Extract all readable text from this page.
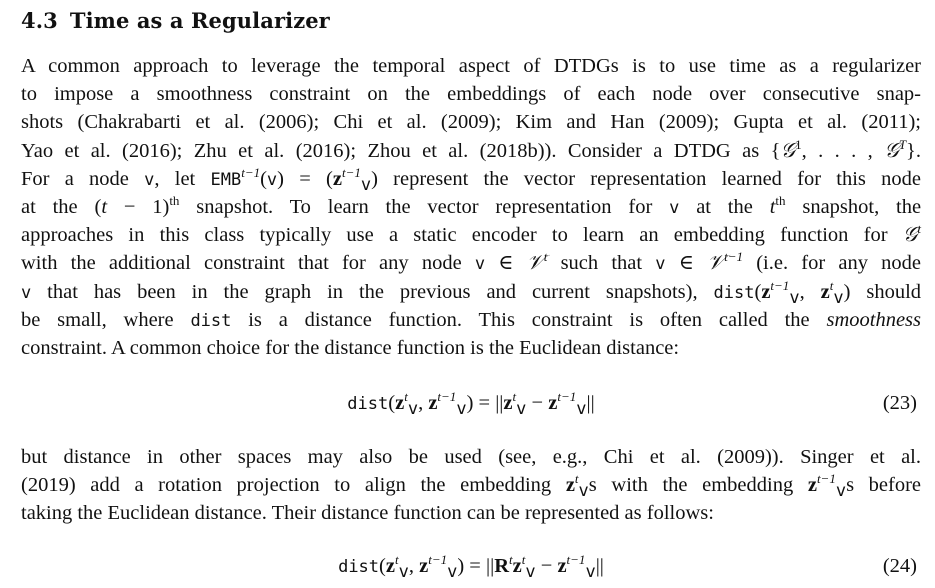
4.3 Time as a Regularizer
A common approach to leverage the temporal aspect of DTDGs is to use time as a regularizer
to impose a smoothness constraint on the embeddings of each node over consecutive snap-
shots (Chakrabarti et al. (2006); Chi et al. (2009); Kim and Han (2009); Gupta et al. (2011);
Yao et al. (2016); Zhu et al. (2016); Zhou et al. (2018b)). Consider a DTDG as {𝒢$^1$, . . . , 𝒢$^T$}.
For a node v, let $EMB^{t-1}(v) = (z^{t-1}_v)$ represent the vector representation learned for this node
at the $(t - 1)^{th}$ snapshot. To learn the vector representation for v at the $t^{th}$ snapshot, the
approaches in this class typically use a static encoder to learn an embedding function for 𝒢$^t$
with the additional constraint that for any node v ∈ 𝒱$^t$ such that v ∈ 𝒱$^{t-1}$ (i.e. for any node
v that has been in the graph in the previous and current snapshots), $dist(z^{t-1}_v$, $z^t_v$) should
be small, where dist is a distance function. This constraint is often called the smoothness
constraint. A common choice for the distance function is the Euclidean distance:
$dist(z^t_v$, $z^{t-1}_v) = ||z^t_v - z^{t-1}_v||$	(23)
but distance in other spaces may also be used (see, e.g., Chi et al. (2009)). Singer et al.
(2019) add a rotation projection to align the embedding $z^t_vs$ with the embedding $z^{t-1}_vs$ before
taking the Euclidean distance. Their distance function can be represented as follows:
$dist(z^t_v$, $z^{t-1}_v) = ||R^tz^t_v - z^{t-1}_v||$	(24)
